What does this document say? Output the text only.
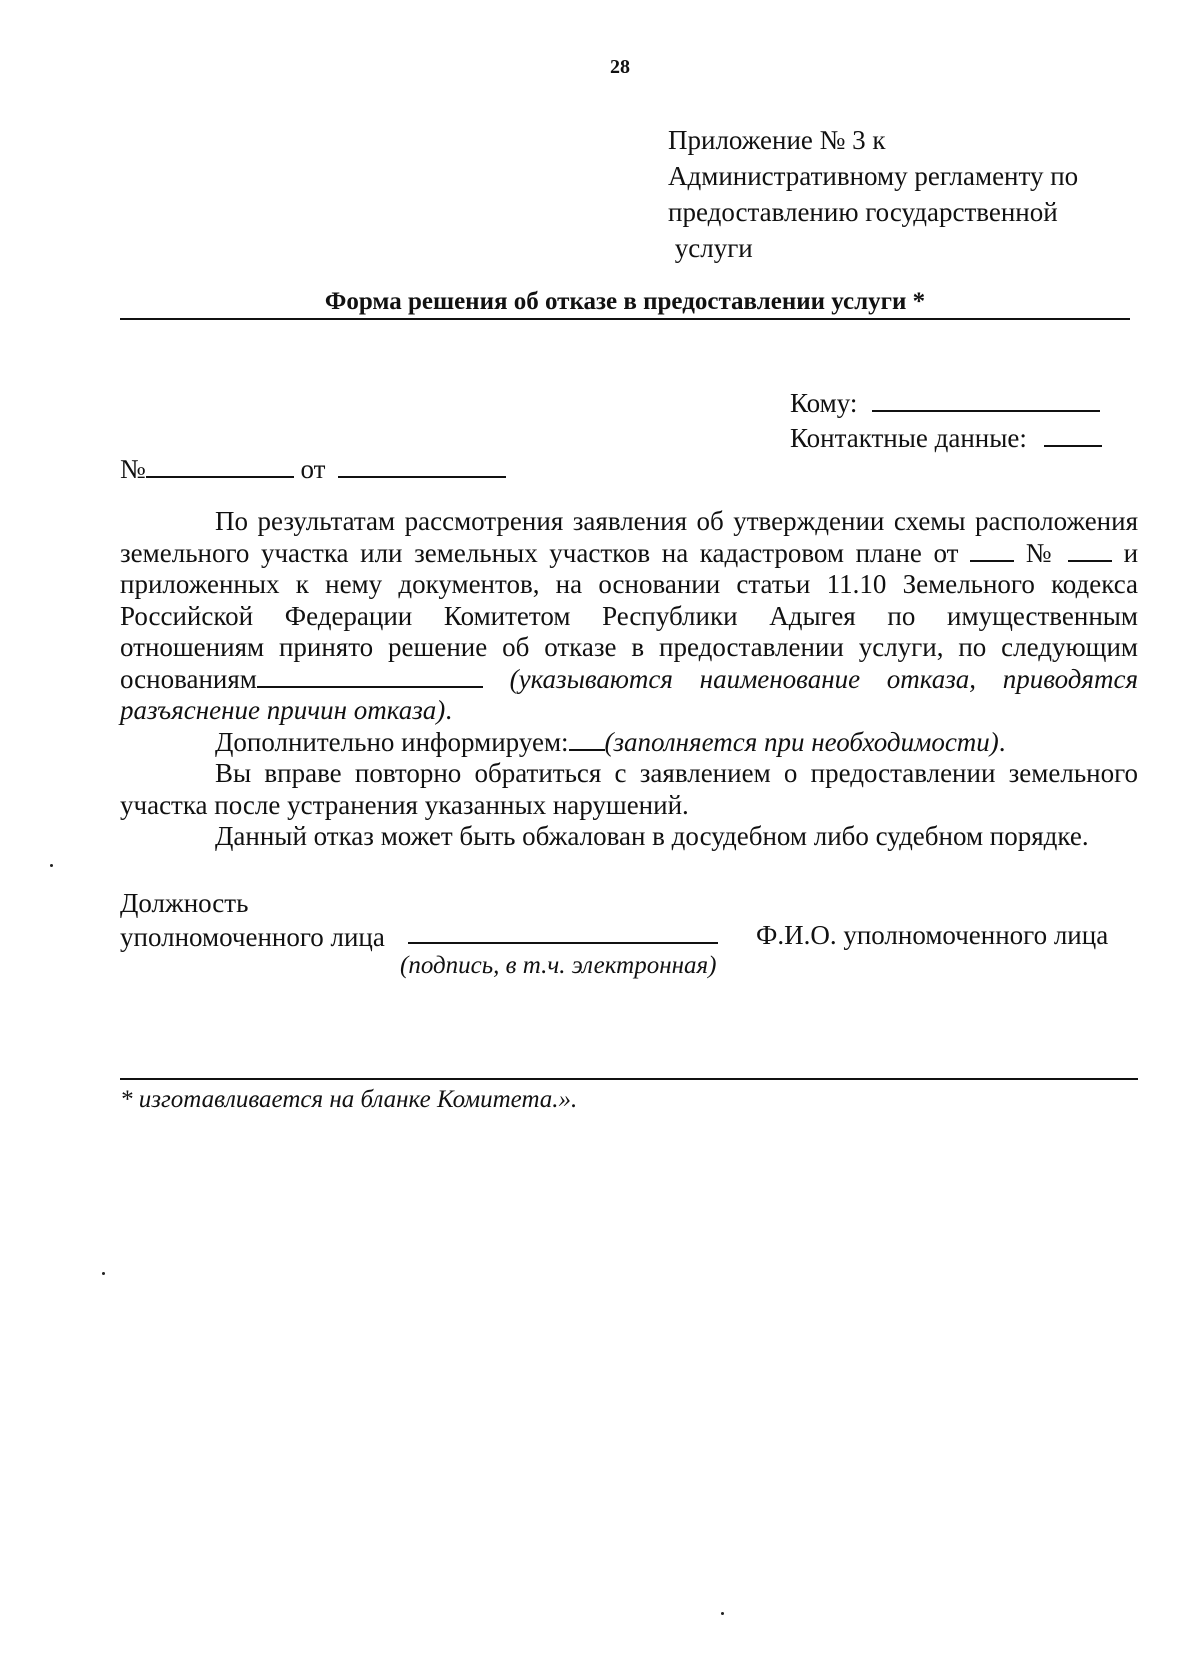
28
Приложение № 3 к
Административному регламенту по
предоставлению государственной
услуги
Форма решения об отказе в предоставлении услуги *
Кому:
Контактные данные:
№	от

По результатам рассмотрения заявления об утверждении схемы расположения земельного участка или земельных участков на кадастровом плане от № и приложенных к нему документов, на основании статьи 11.10 Земельного кодекса Российской Федерации Комитетом Республики Адыгея по имущественным отношениям принято решение об отказе в предоставлении услуги, по следующим основаниям	(указываются наименование отказа, приводятся разъяснение причин отказа).

Дополнительно информируем: (заполняется при необходимости).

Вы вправе повторно обратиться с заявлением о предоставлении земельного участка после устранения указанных нарушений.

Данный отказ может быть обжалован в досудебном либо судебном порядке.

Должность
уполномоченного лица	Ф.И.О. уполномоченного лица
(подпись, в т.ч. электронная)
* изготавливается на бланке Комитета.».
